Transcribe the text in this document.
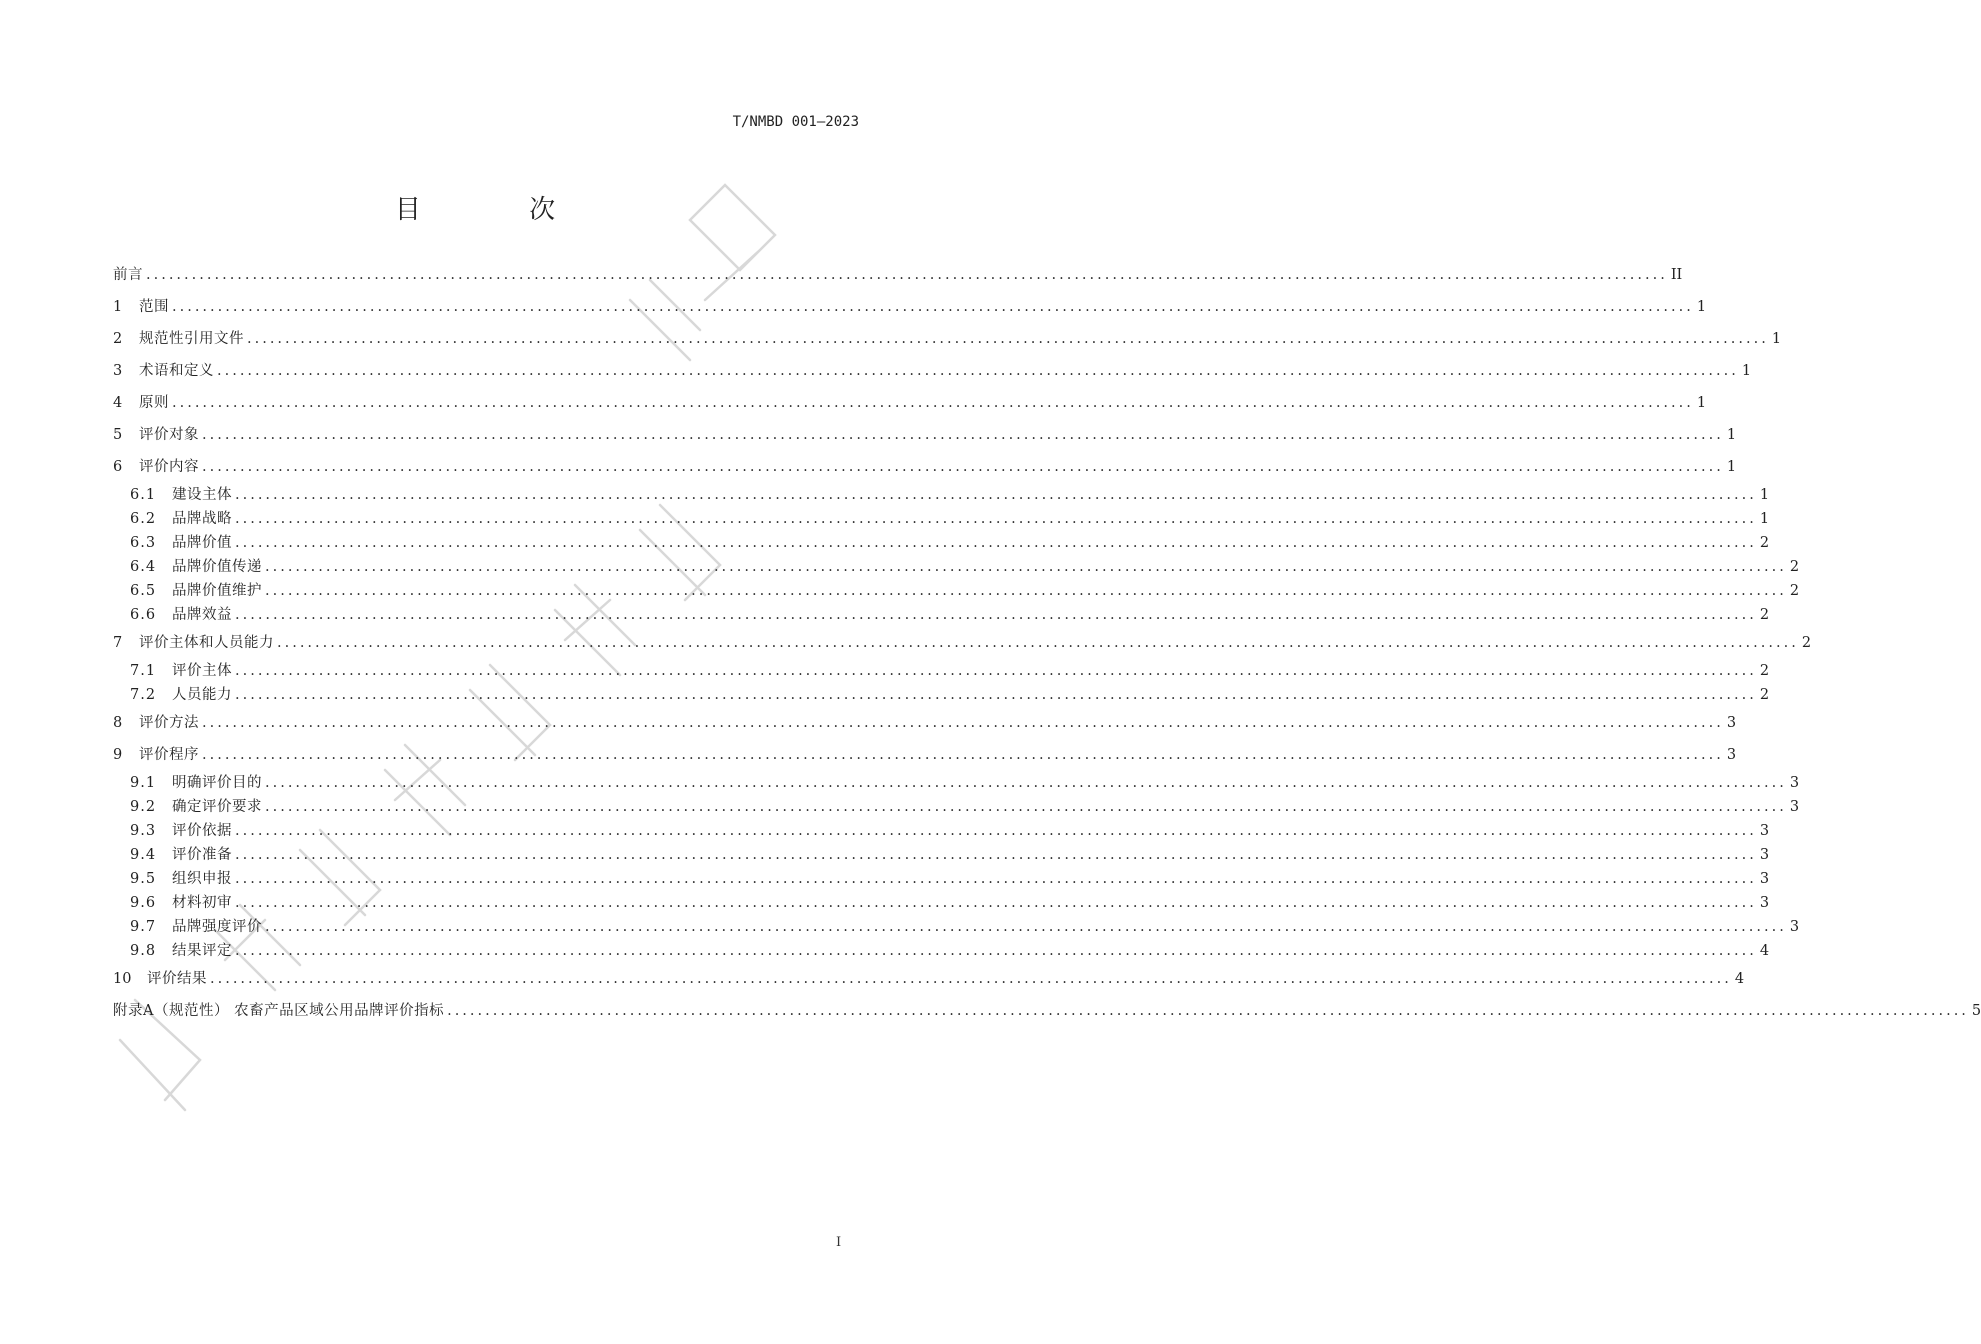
T/NMBD 001—2023
目 次
前言 ........................................................................................................................................................................................................ II
1	范围 ........................................................................................................................................................................................................ 1
2	规范性引用文件 ........................................................................................................................................................................................................ 1
3	术语和定义 ........................................................................................................................................................................................................ 1
4	原则 ........................................................................................................................................................................................................ 1
5	评价对象 ........................................................................................................................................................................................................ 1
6	评价内容 ........................................................................................................................................................................................................ 1
6.1	建设主体 ........................................................................................................................................................................................................ 1
6.2	品牌战略 ........................................................................................................................................................................................................ 1
6.3	品牌价值 ........................................................................................................................................................................................................ 2
6.4	品牌价值传递 ........................................................................................................................................................................................................ 2
6.5	品牌价值维护 ........................................................................................................................................................................................................ 2
6.6	品牌效益 ........................................................................................................................................................................................................ 2
7	评价主体和人员能力 ........................................................................................................................................................................................................ 2
7.1	评价主体 ........................................................................................................................................................................................................ 2
7.2	人员能力 ........................................................................................................................................................................................................ 2
8	评价方法 ........................................................................................................................................................................................................ 3
9	评价程序 ........................................................................................................................................................................................................ 3
9.1	明确评价目的 ........................................................................................................................................................................................................ 3
9.2	确定评价要求 ........................................................................................................................................................................................................ 3
9.3	评价依据 ........................................................................................................................................................................................................ 3
9.4	评价准备 ........................................................................................................................................................................................................ 3
9.5	组织申报 ........................................................................................................................................................................................................ 3
9.6	材料初审 ........................................................................................................................................................................................................ 3
9.7	品牌强度评价 ........................................................................................................................................................................................................ 3
9.8	结果评定 ........................................................................................................................................................................................................ 4
10	评价结果 ........................................................................................................................................................................................................ 4
附录A（规范性） 农畜产品区域公用品牌评价指标 ........................................................................................................................................................................................................ 5
I
